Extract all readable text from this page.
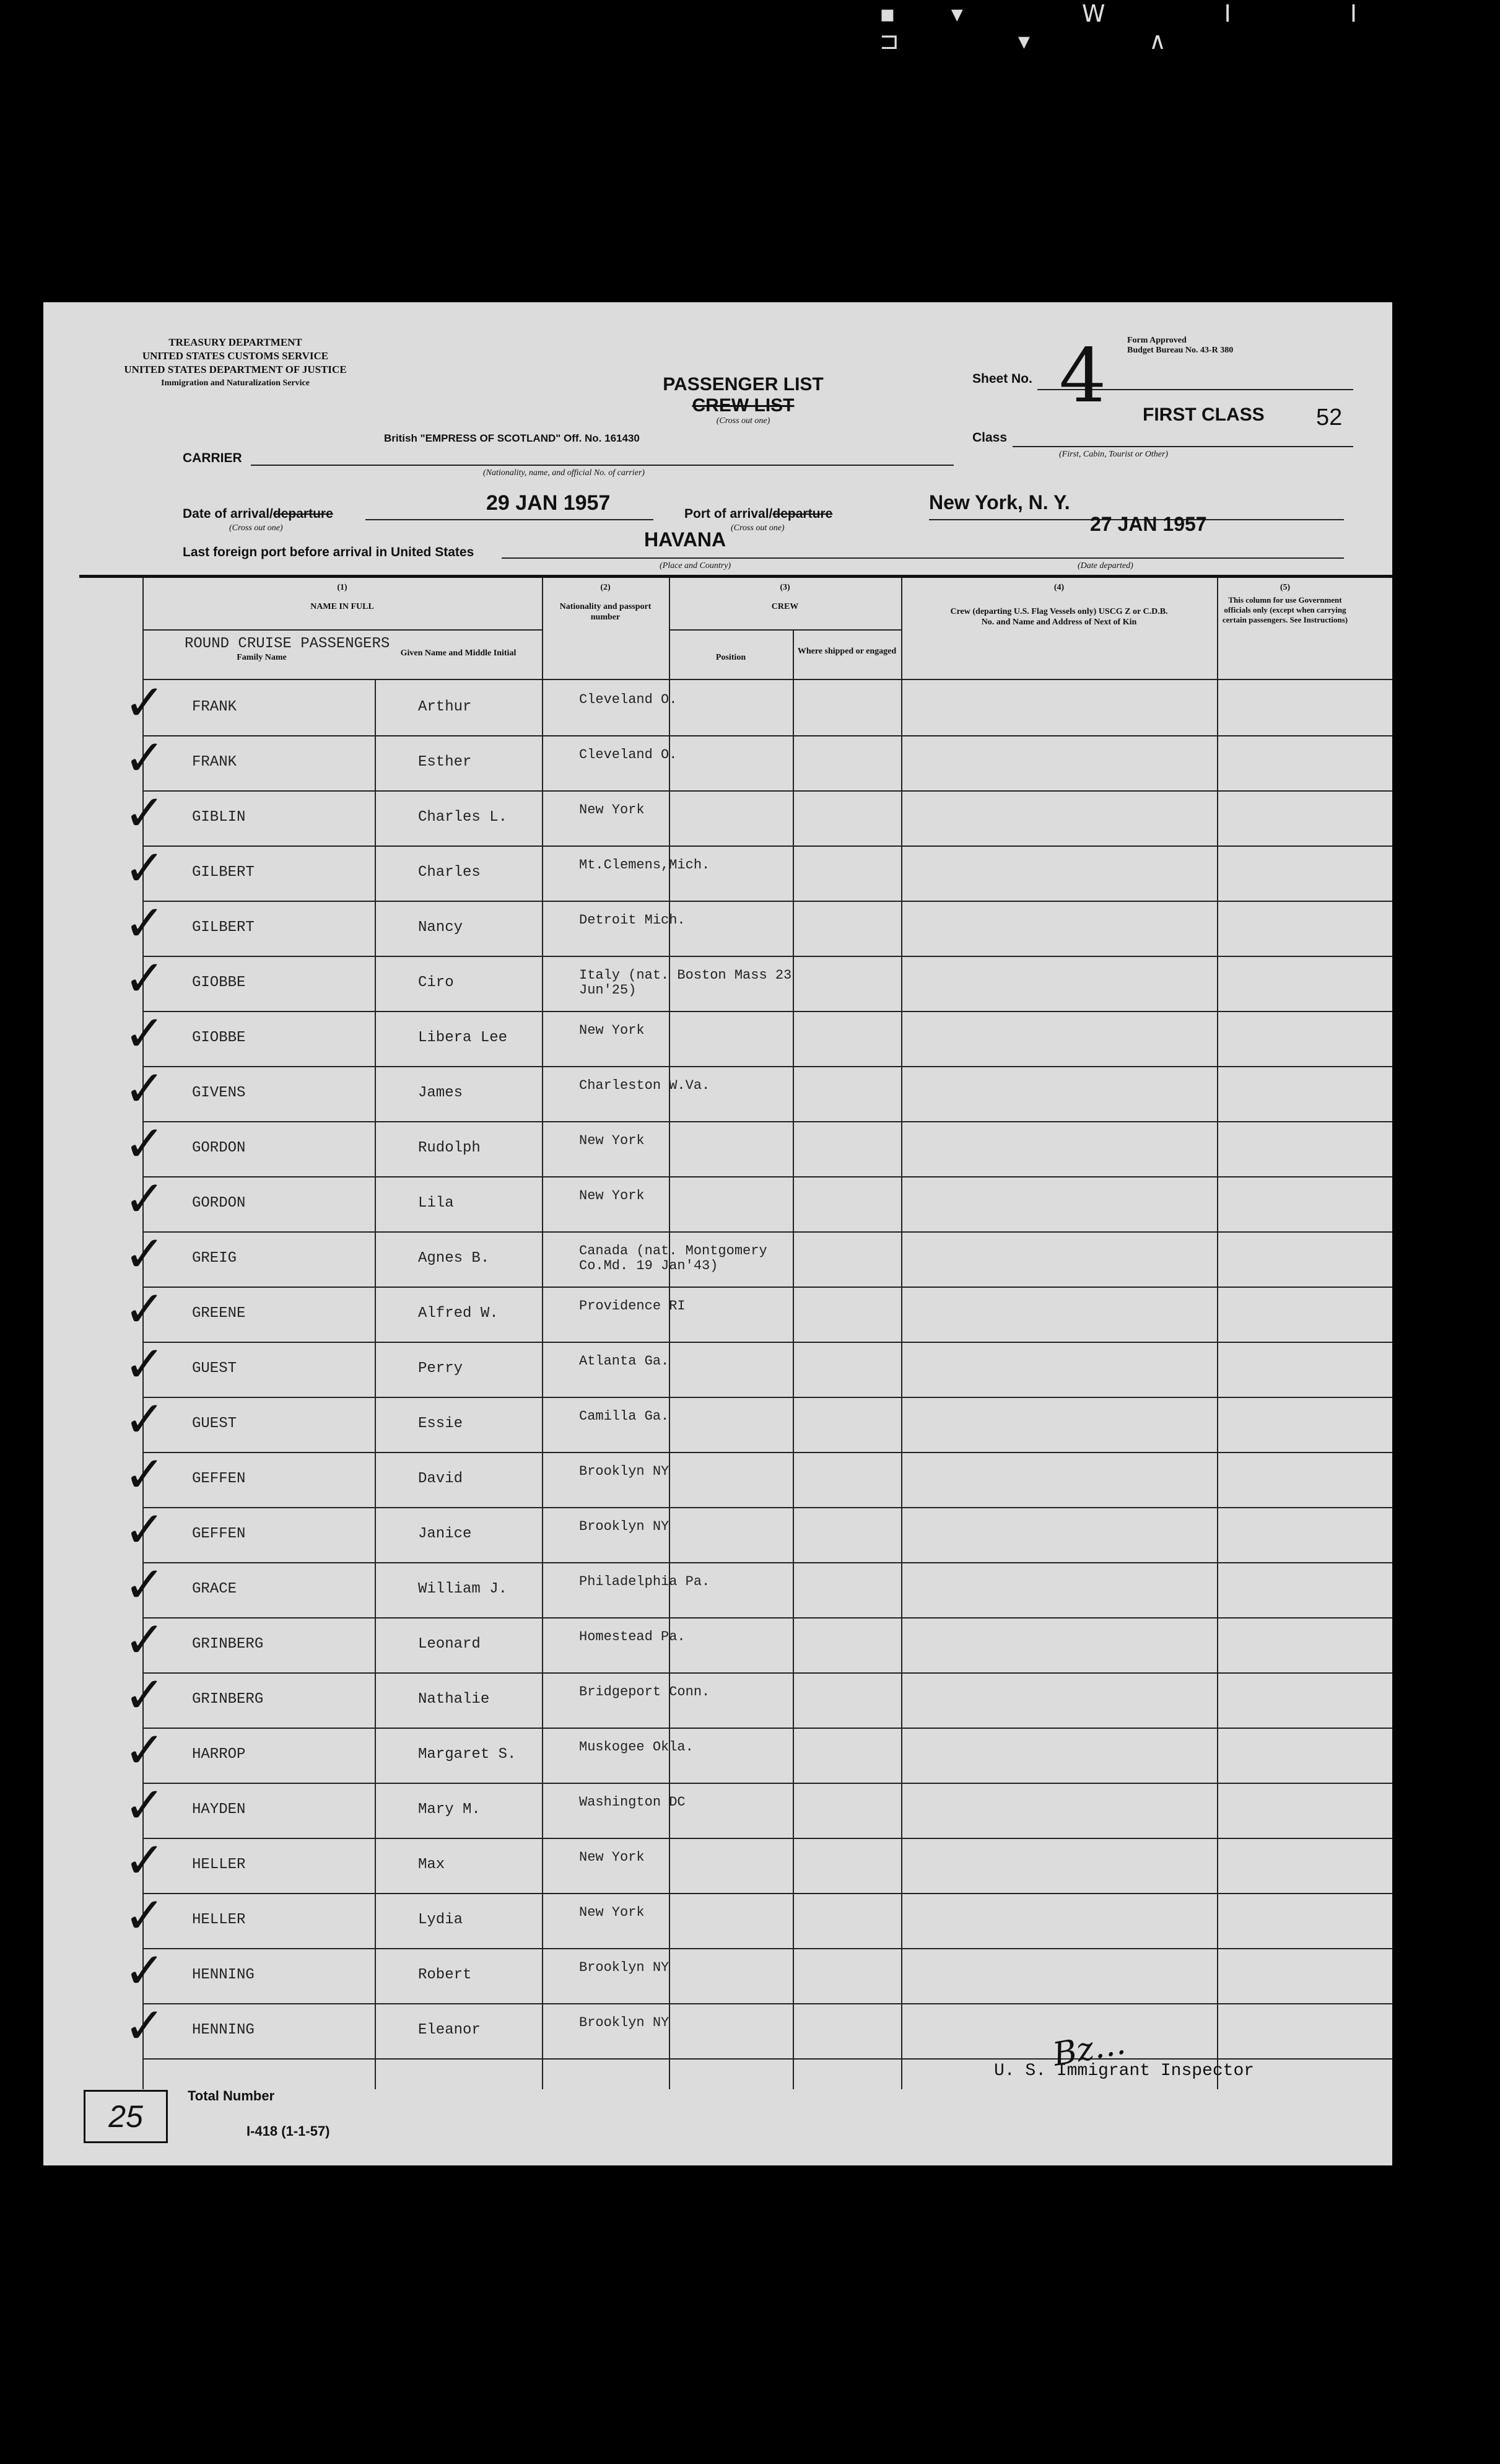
▪▾ W I I ⊐ ▾ ∧
TREASURY DEPARTMENT
UNITED STATES CUSTOMS SERVICE
UNITED STATES DEPARTMENT OF JUSTICE
Immigration and Naturalization Service
Form Approved
Budget Bureau No. 43-R 380
PASSENGER LIST
CREW LIST
(Cross out one)
Sheet No. 4	52
FIRST CLASS
Class
(First, Cabin, Tourist or Other)
British "EMPRESS OF SCOTLAND" Off. No. 161430
CARRIER
(Nationality, name, and official No. of carrier)
Date of arrival/departure
(Cross out one)
29 JAN 1957	Port of arrival/departure
(Cross out one)
New York, N. Y.
27 JAN 1957
Last foreign port before arrival in United States
HAVANA
(Place and Country)	(Date departed)
(1)
NAME IN FULL
Family Name	Given Name and Middle Initial
(2)
Nationality and passport number
(3)
CREW
Position
Where shipped or engaged
(4)
Crew (departing U.S. Flag Vessels only) USCG Z or C.D.B. No. and Name and Address of Next of Kin
(5)
This column for use Government officials only (except when carrying certain passengers. See Instructions)
ROUND CRUISE PASSENGERS
✓ FRANK	Arthur	Cleveland O.
✓ FRANK	Esther	Cleveland O.
✓ GIBLIN	Charles L.	New York
✓ GILBERT	Charles	Mt.Clemens,Mich.
✓ GILBERT	Nancy	Detroit Mich.
✓ GIOBBE	Ciro	Italy (nat. Boston Mass 23 Jun'25)
✓ GIOBBE	Libera Lee	New York
✓ GIVENS	James	Charleston W.Va.
✓ GORDON	Rudolph	New York
✓ GORDON	Lila	New York
✓ GREIG	Agnes B.	Canada (nat. Montgomery Co.Md. 19 Jan'43)
✓ GREENE	Alfred W.	Providence RI
✓ GUEST	Perry	Atlanta Ga.
✓ GUEST	Essie	Camilla Ga.
✓ GEFFEN	David	Brooklyn NY
✓ GEFFEN	Janice	Brooklyn NY
✓ GRACE	William J.	Philadelphia Pa.
✓ GRINBERG	Leonard	Homestead Pa.
✓ GRINBERG	Nathalie	Bridgeport Conn.
✓ HARROP	Margaret S.	Muskogee Okla.
✓ HAYDEN	Mary M.	Washington DC
✓ HELLER	Max	New York
✓ HELLER	Lydia	New York
✓ HENNING	Robert	Brooklyn NY
✓ HENNING	Eleanor	Brooklyn NY
25
Total Number
I-418 (1-1-57)
Bz…
U. S. Immigrant Inspector
